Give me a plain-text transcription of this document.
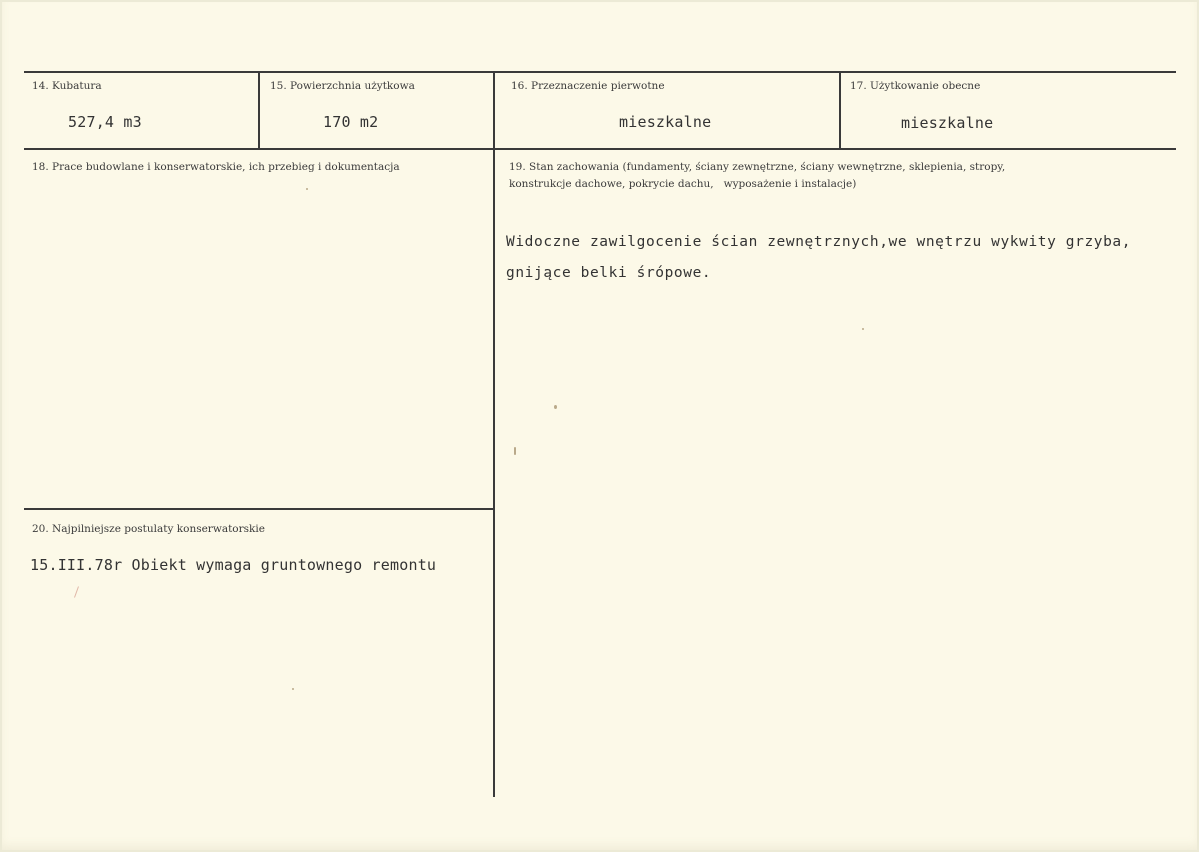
14. Kubatura
527,4 m3
15. Powierzchnia użytkowa
170 m2
16. Przeznaczenie pierwotne
mieszkalne
17. Użytkowanie obecne
mieszkalne
18. Prace budowlane i konserwatorskie, ich przebieg i dokumentacja	19. Stan zachowania (fundamenty, ściany zewnętrzne, ściany wewnętrzne, sklepienia, stropy,
konstrukcje dachowe, pokrycie dachu,   wyposażenie i instalacje)
Widoczne zawilgocenie ścian zewnętrznych,we wnętrzu wykwity grzyba,
gnijące belki śrópowe.
20. Najpilniejsze postulaty konserwatorskie
15.III.78r Obiekt wymaga gruntownego remontu
